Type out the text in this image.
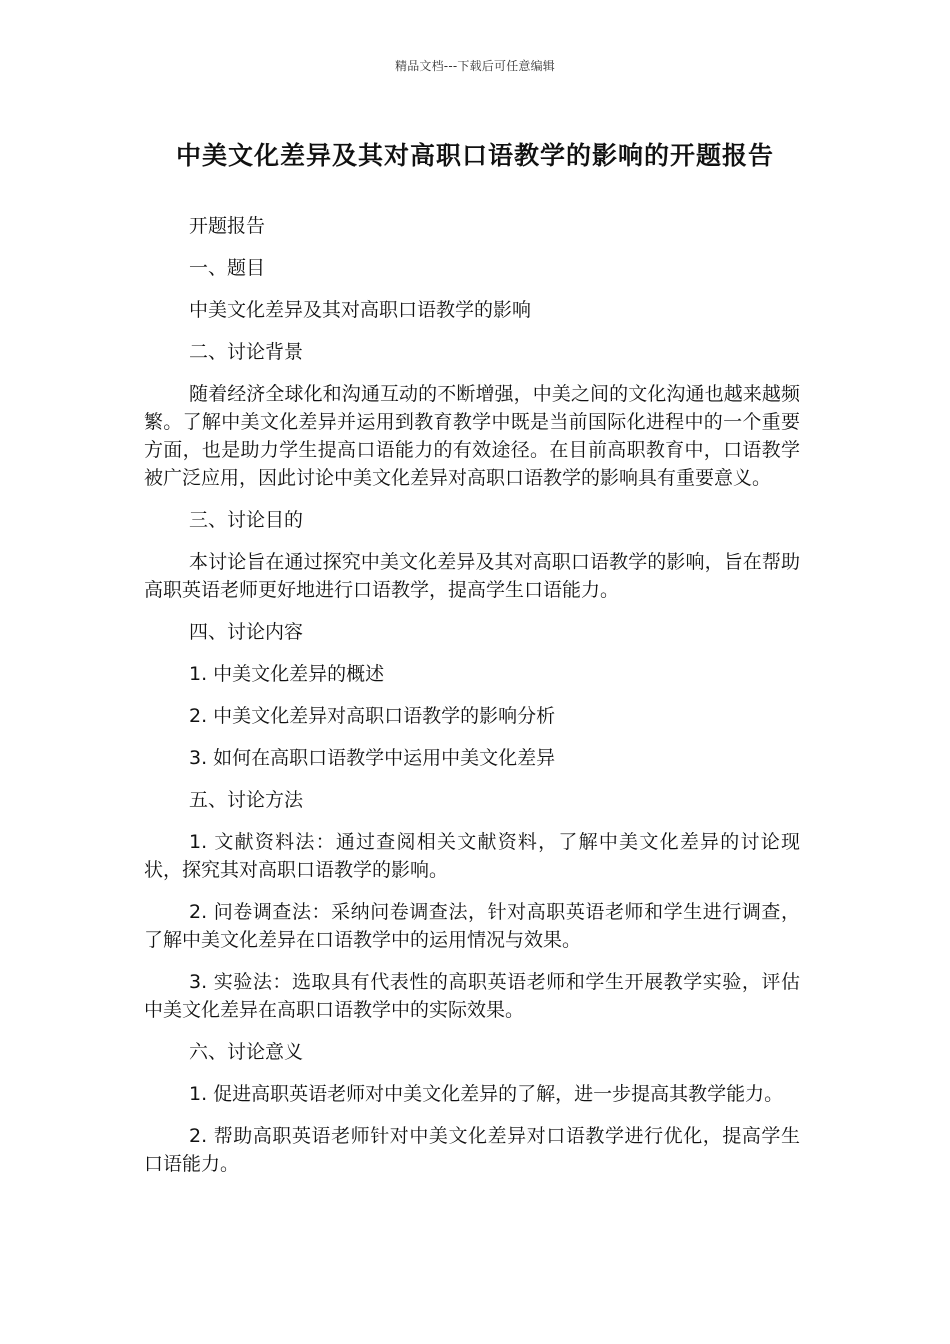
精品文档---下载后可任意编辑
中美文化差异及其对高职口语教学的影响的开题报告

开题报告

一、题目

中美文化差异及其对高职口语教学的影响

二、讨论背景

随着经济全球化和沟通互动的不断增强，中美之间的文化沟通也越来越频繁。了解中美文化差异并运用到教育教学中既是当前国际化进程中的一个重要方面，也是助力学生提高口语能力的有效途径。在目前高职教育中，口语教学被广泛应用，因此讨论中美文化差异对高职口语教学的影响具有重要意义。

三、讨论目的

本讨论旨在通过探究中美文化差异及其对高职口语教学的影响，旨在帮助高职英语老师更好地进行口语教学，提高学生口语能力。

四、讨论内容

1. 中美文化差异的概述

2. 中美文化差异对高职口语教学的影响分析

3. 如何在高职口语教学中运用中美文化差异

五、讨论方法

1. 文献资料法：通过查阅相关文献资料，了解中美文化差异的讨论现状，探究其对高职口语教学的影响。

2. 问卷调查法：采纳问卷调查法，针对高职英语老师和学生进行调查，了解中美文化差异在口语教学中的运用情况与效果。

3. 实验法：选取具有代表性的高职英语老师和学生开展教学实验，评估中美文化差异在高职口语教学中的实际效果。

六、讨论意义

1. 促进高职英语老师对中美文化差异的了解，进一步提高其教学能力。

2. 帮助高职英语老师针对中美文化差异对口语教学进行优化，提高学生口语能力。
